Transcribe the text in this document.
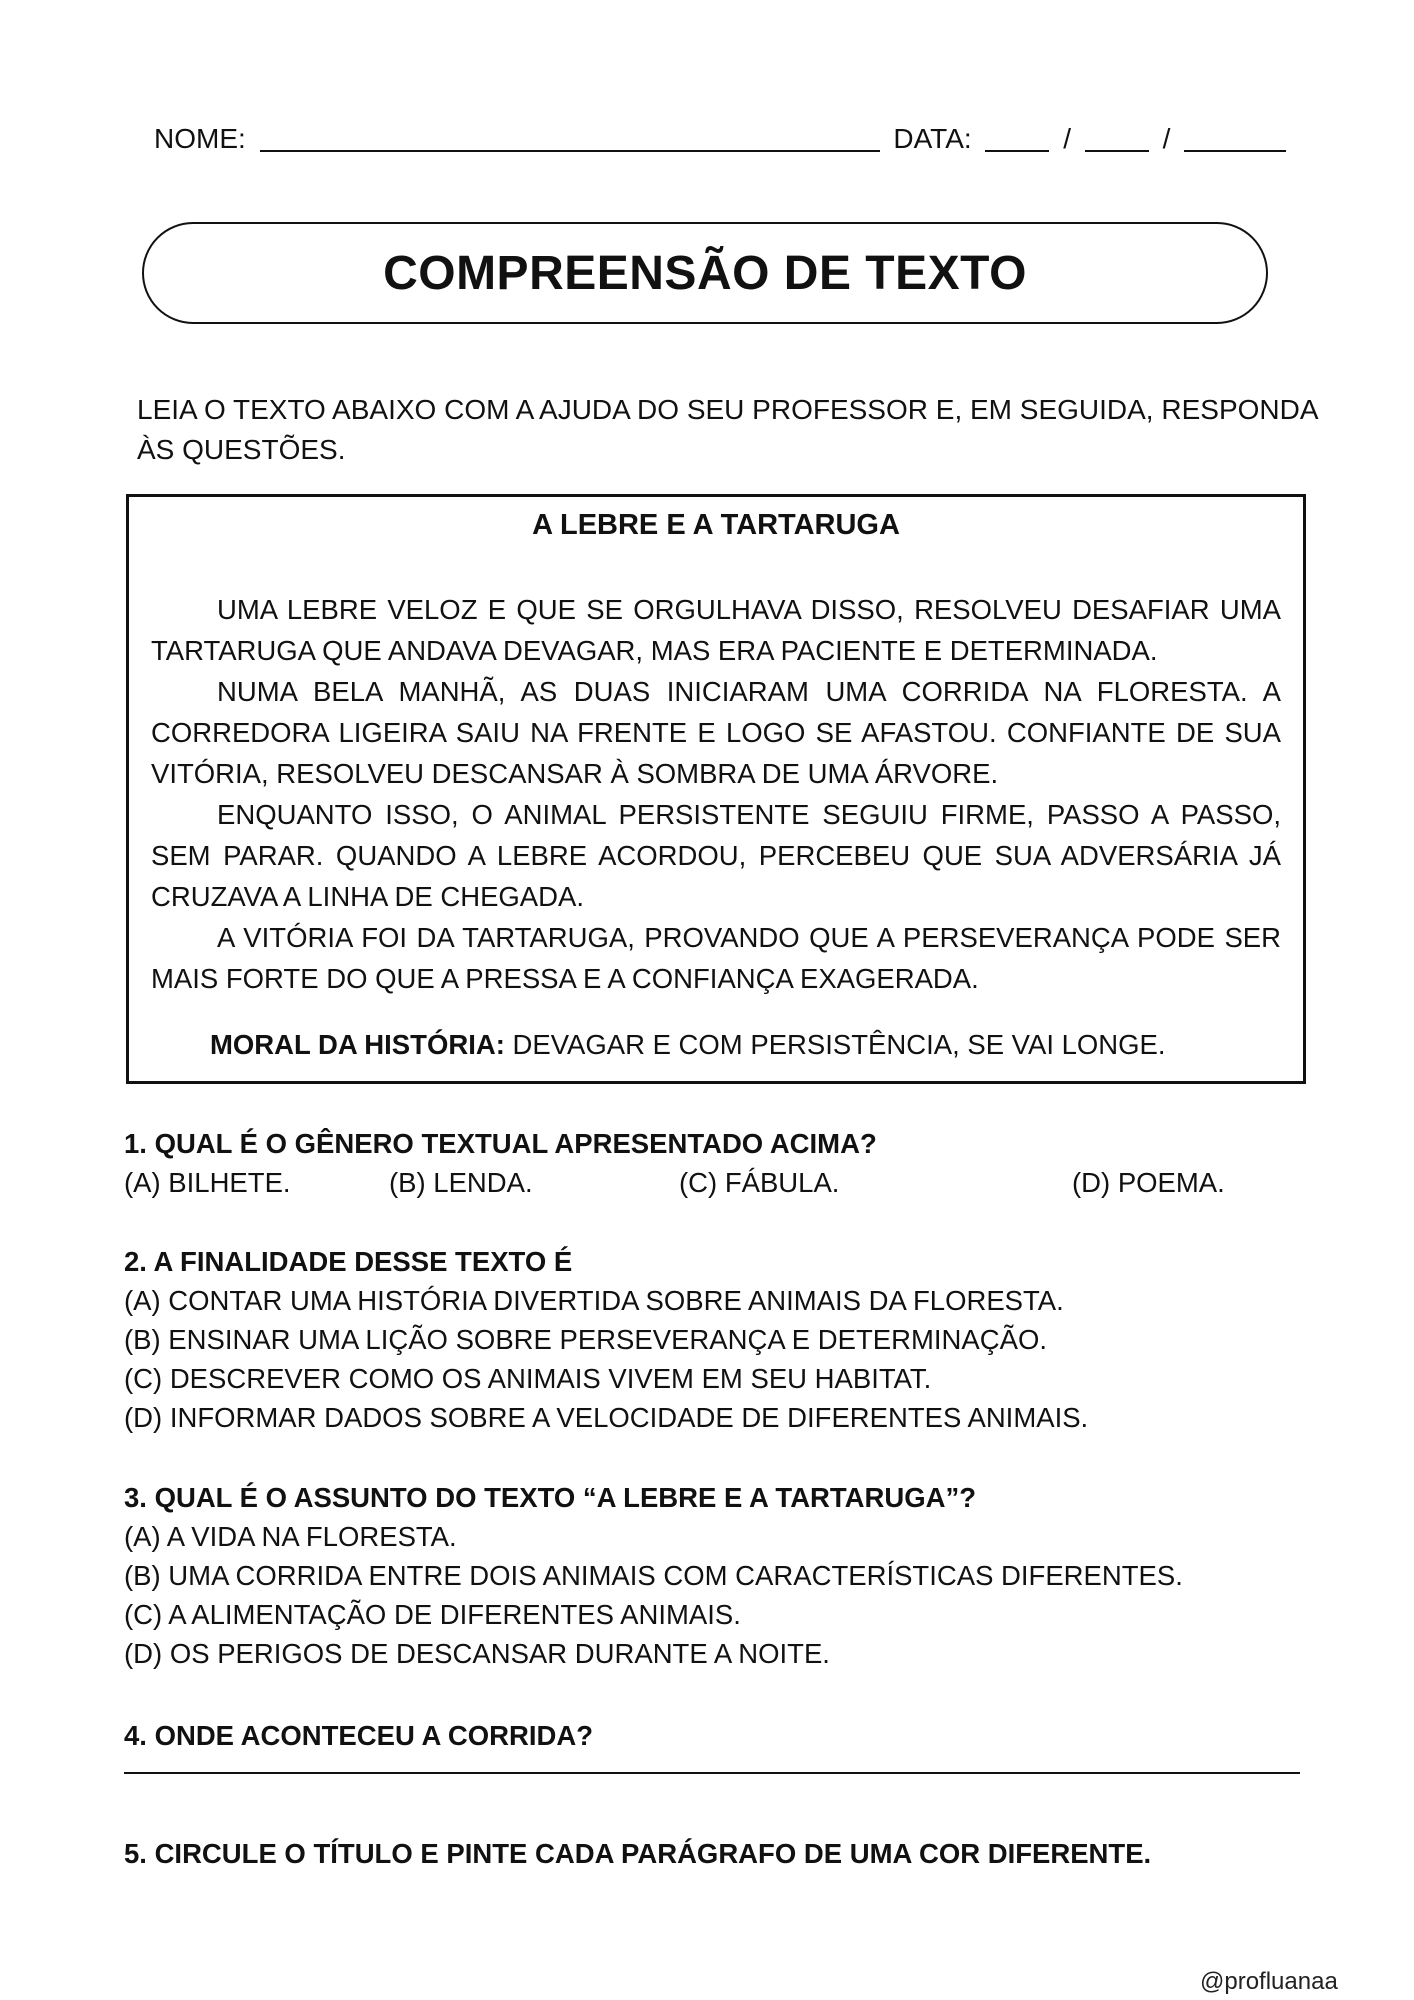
NOME:	DATA:	/	/
COMPREENSÃO DE TEXTO
LEIA O TEXTO ABAIXO COM A AJUDA DO SEU PROFESSOR E, EM SEGUIDA, RESPONDA
ÀS QUESTÕES.
A LEBRE E A TARTARUGA

UMA LEBRE VELOZ E QUE SE ORGULHAVA DISSO, RESOLVEU DESAFIAR UMA TARTARUGA QUE ANDAVA DEVAGAR, MAS ERA PACIENTE E DETERMINADA.

NUMA BELA MANHÃ, AS DUAS INICIARAM UMA CORRIDA NA FLORESTA. A CORREDORA LIGEIRA SAIU NA FRENTE E LOGO SE AFASTOU. CONFIANTE DE SUA VITÓRIA, RESOLVEU DESCANSAR À SOMBRA DE UMA ÁRVORE.

ENQUANTO ISSO, O ANIMAL PERSISTENTE SEGUIU FIRME, PASSO A PASSO, SEM PARAR. QUANDO A LEBRE ACORDOU, PERCEBEU QUE SUA ADVERSÁRIA JÁ CRUZAVA A LINHA DE CHEGADA.

A VITÓRIA FOI DA TARTARUGA, PROVANDO QUE A PERSEVERANÇA PODE SER MAIS FORTE DO QUE A PRESSA E A CONFIANÇA EXAGERADA.

MORAL DA HISTÓRIA: DEVAGAR E COM PERSISTÊNCIA, SE VAI LONGE.
1. QUAL É O GÊNERO TEXTUAL APRESENTADO ACIMA?
(A) BILHETE.	(B) LENDA.	(C) FÁBULA.	(D) POEMA.
2. A FINALIDADE DESSE TEXTO É
(A) CONTAR UMA HISTÓRIA DIVERTIDA SOBRE ANIMAIS DA FLORESTA.
(B) ENSINAR UMA LIÇÃO SOBRE PERSEVERANÇA E DETERMINAÇÃO.
(C) DESCREVER COMO OS ANIMAIS VIVEM EM SEU HABITAT.
(D) INFORMAR DADOS SOBRE A VELOCIDADE DE DIFERENTES ANIMAIS.
3. QUAL É O ASSUNTO DO TEXTO “A LEBRE E A TARTARUGA”?
(A) A VIDA NA FLORESTA.
(B) UMA CORRIDA ENTRE DOIS ANIMAIS COM CARACTERÍSTICAS DIFERENTES.
(C) A ALIMENTAÇÃO DE DIFERENTES ANIMAIS.
(D) OS PERIGOS DE DESCANSAR DURANTE A NOITE.
4. ONDE ACONTECEU A CORRIDA?
5. CIRCULE O TÍTULO E PINTE CADA PARÁGRAFO DE UMA COR DIFERENTE.
@profluanaa
